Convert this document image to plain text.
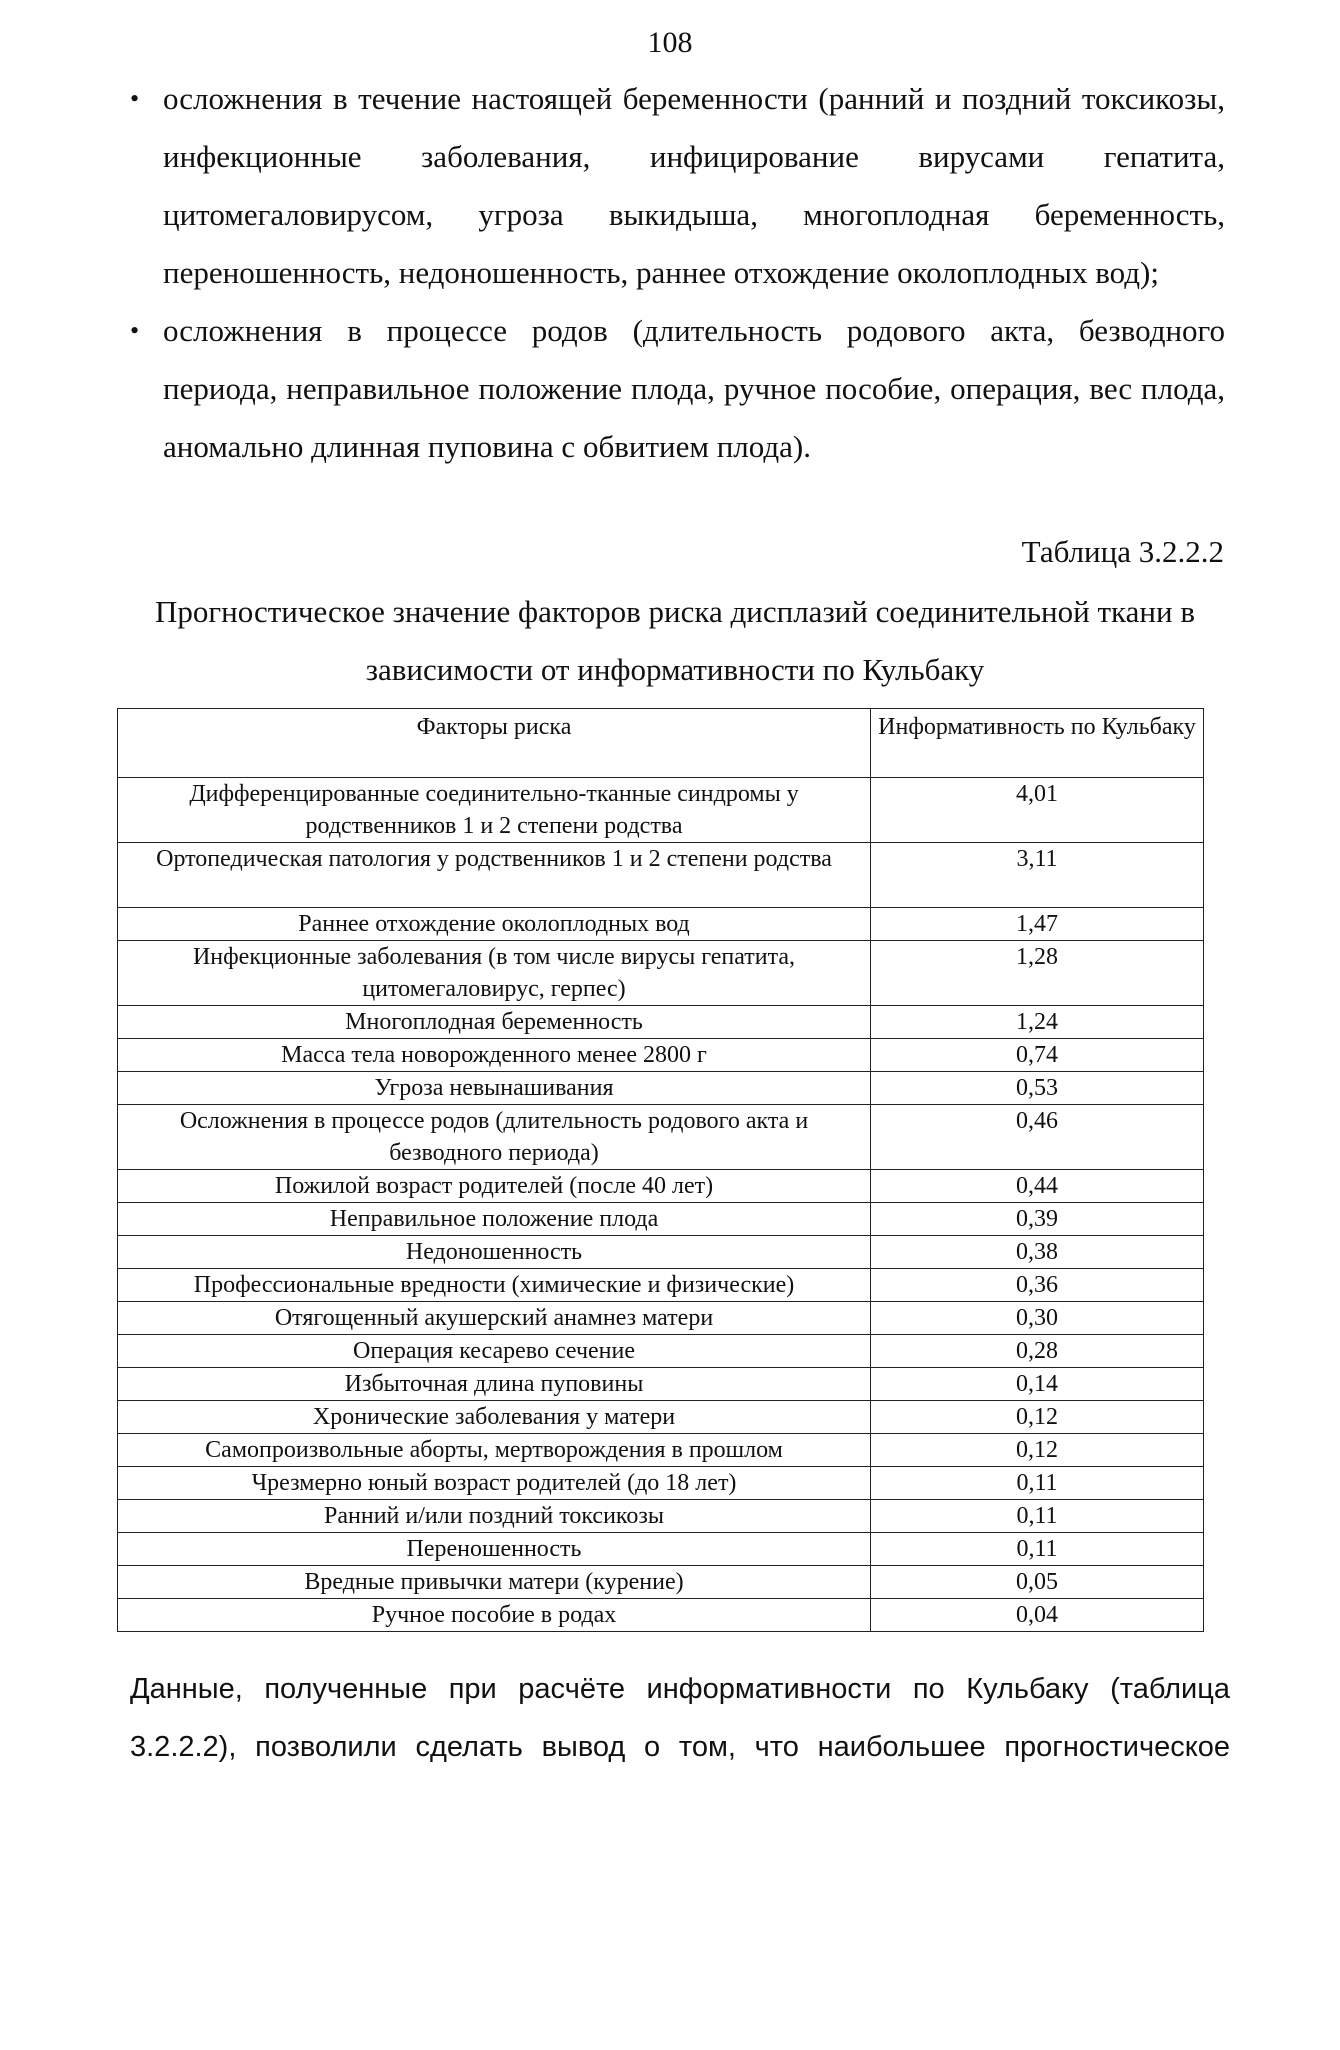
108
• осложнения в течение настоящей беременности (ранний и поздний токсикозы, инфекционные заболевания, инфицирование вирусами гепатита, цитомегаловирусом, угроза выкидыша, многоплодная беременность, переношенность, недоношенность, раннее отхождение околоплодных вод);
• осложнения в процессе родов (длительность родового акта, безводного периода, неправильное положение плода, ручное пособие, операция, вес плода, аномально длинная пуповина с обвитием плода).
Таблица 3.2.2.2
Прогностическое значение факторов риска дисплазий соединительной ткани в зависимости от информативности по Кульбаку
Факторы риска	Информативность по Кульбаку
Дифференцированные соединительно-тканные синдромы у родственников 1 и 2 степени родства	4,01
Ортопедическая патология у родственников 1 и 2 степени родства	3,11
Раннее отхождение околоплодных вод	1,47
Инфекционные заболевания (в том числе вирусы гепатита, цитомегаловирус, герпес)	1,28
Многоплодная беременность	1,24
Масса тела новорожденного менее 2800 г	0,74
Угроза невынашивания	0,53
Осложнения в процессе родов (длительность родового акта и безводного периода)	0,46
Пожилой возраст родителей (после 40 лет)	0,44
Неправильное положение плода	0,39
Недоношенность	0,38
Профессиональные вредности (химические и физические)	0,36
Отягощенный акушерский анамнез матери	0,30
Операция кесарево сечение	0,28
Избыточная длина пуповины	0,14
Хронические заболевания у матери	0,12
Самопроизвольные аборты, мертворождения в прошлом	0,12
Чрезмерно юный возраст родителей (до 18 лет)	0,11
Ранний и/или поздний токсикозы	0,11
Переношенность	0,11
Вредные привычки матери (курение)	0,05
Ручное пособие в родах	0,04
Данные, полученные при расчёте информативности по Кульбаку (таблица 3.2.2.2), позволили сделать вывод о том, что наибольшее прогностическое
